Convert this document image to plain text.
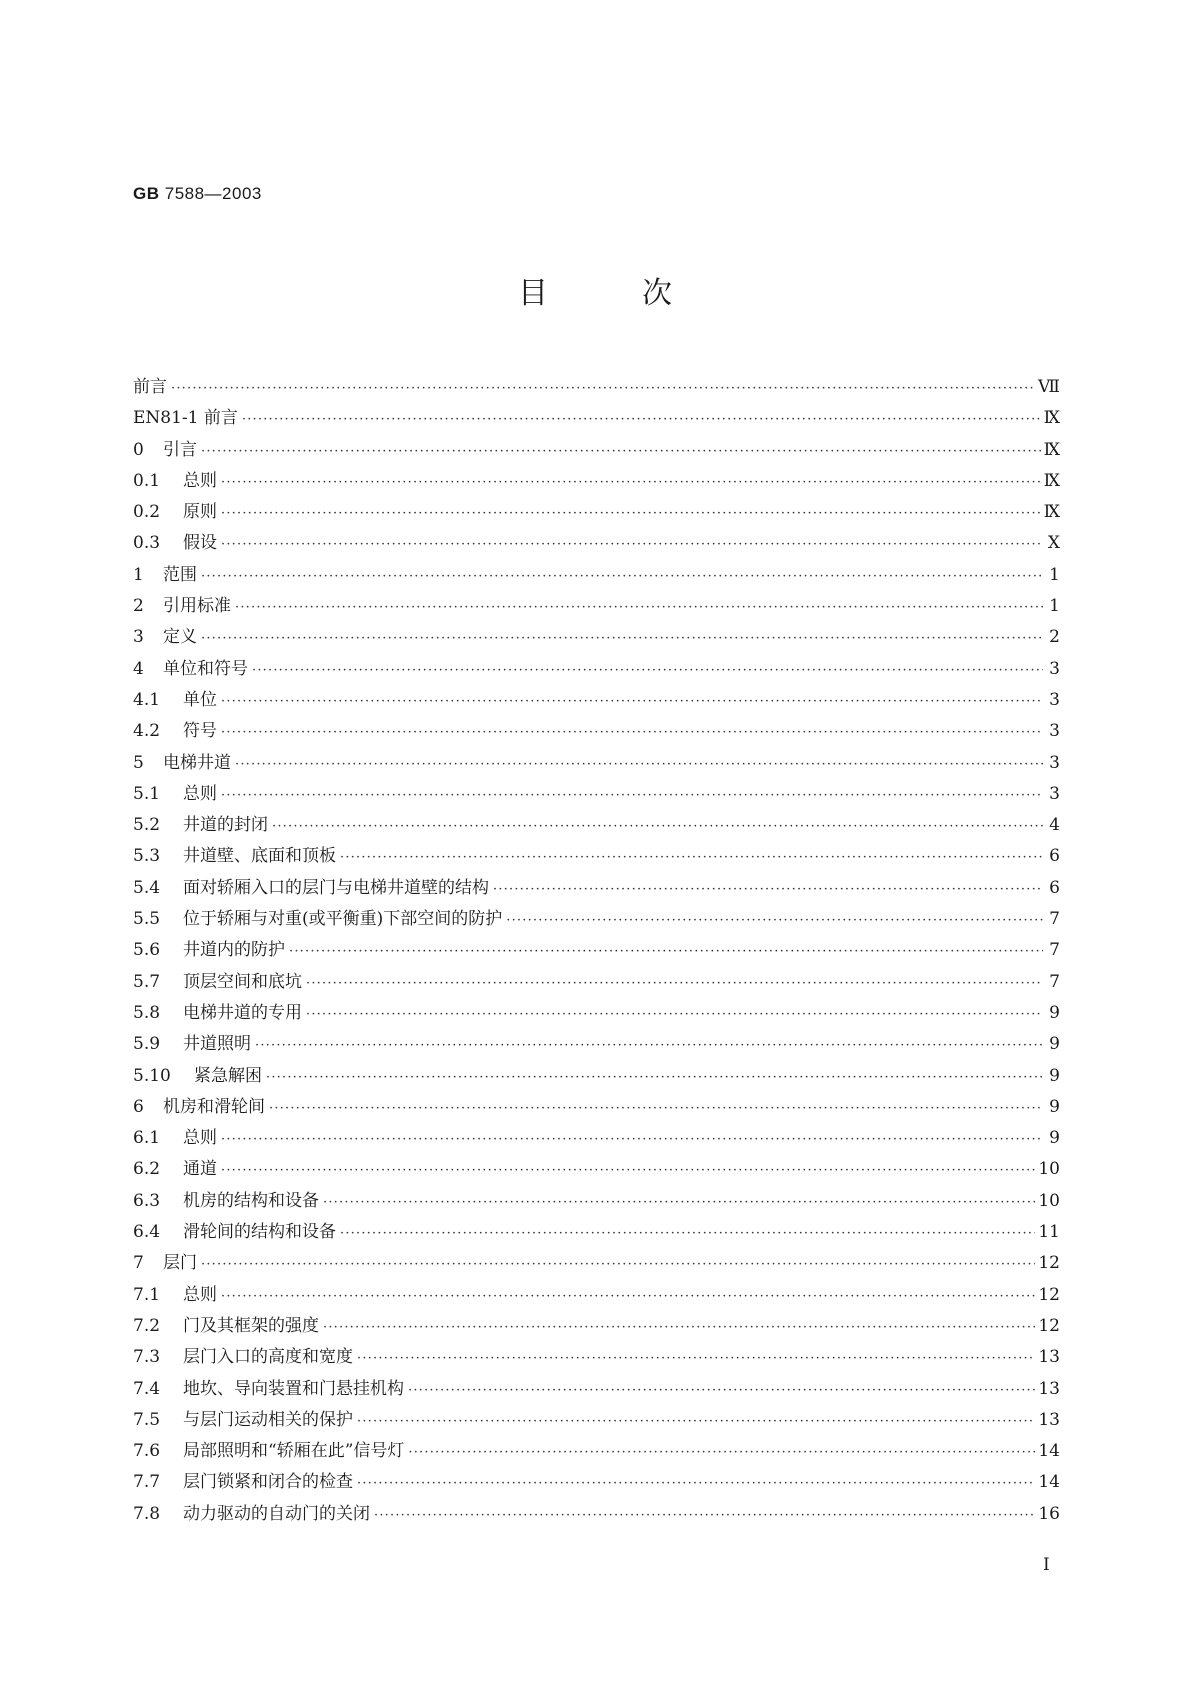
GB 7588—2003
目	次
前言 ·····	Ⅶ
EN81-1 前言 ·····	Ⅸ
0	引言 ·····	Ⅸ
0.1	总则 ·····	Ⅸ
0.2	原则 ·····	Ⅸ
0.3	假设 ·····	Ⅹ
1	范围 ·····	1
2	引用标准 ·····	1
3	定义 ·····	2
4	单位和符号 ·····	3
4.1	单位 ·····	3
4.2	符号 ·····	3
5	电梯井道 ·····	3
5.1	总则 ·····	3
5.2	井道的封闭 ·····	4
5.3	井道壁、底面和顶板 ·····	6
5.4	面对轿厢入口的层门与电梯井道壁的结构 ·····	6
5.5	位于轿厢与对重(或平衡重)下部空间的防护 ·····	7
5.6	井道内的防护 ·····	7
5.7	顶层空间和底坑 ·····	7
5.8	电梯井道的专用 ·····	9
5.9	井道照明 ·····	9
5.10	紧急解困 ·····	9
6	机房和滑轮间 ·····	9
6.1	总则 ·····	9
6.2	通道 ·····	10
6.3	机房的结构和设备 ·····	10
6.4	滑轮间的结构和设备 ·····	11
7	层门 ·····	12
7.1	总则 ·····	12
7.2	门及其框架的强度 ·····	12
7.3	层门入口的高度和宽度 ·····	13
7.4	地坎、导向装置和门悬挂机构 ·····	13
7.5	与层门运动相关的保护 ·····	13
7.6	局部照明和“轿厢在此”信号灯 ·····	14
7.7	层门锁紧和闭合的检查 ·····	14
7.8	动力驱动的自动门的关闭 ·····	16
I
